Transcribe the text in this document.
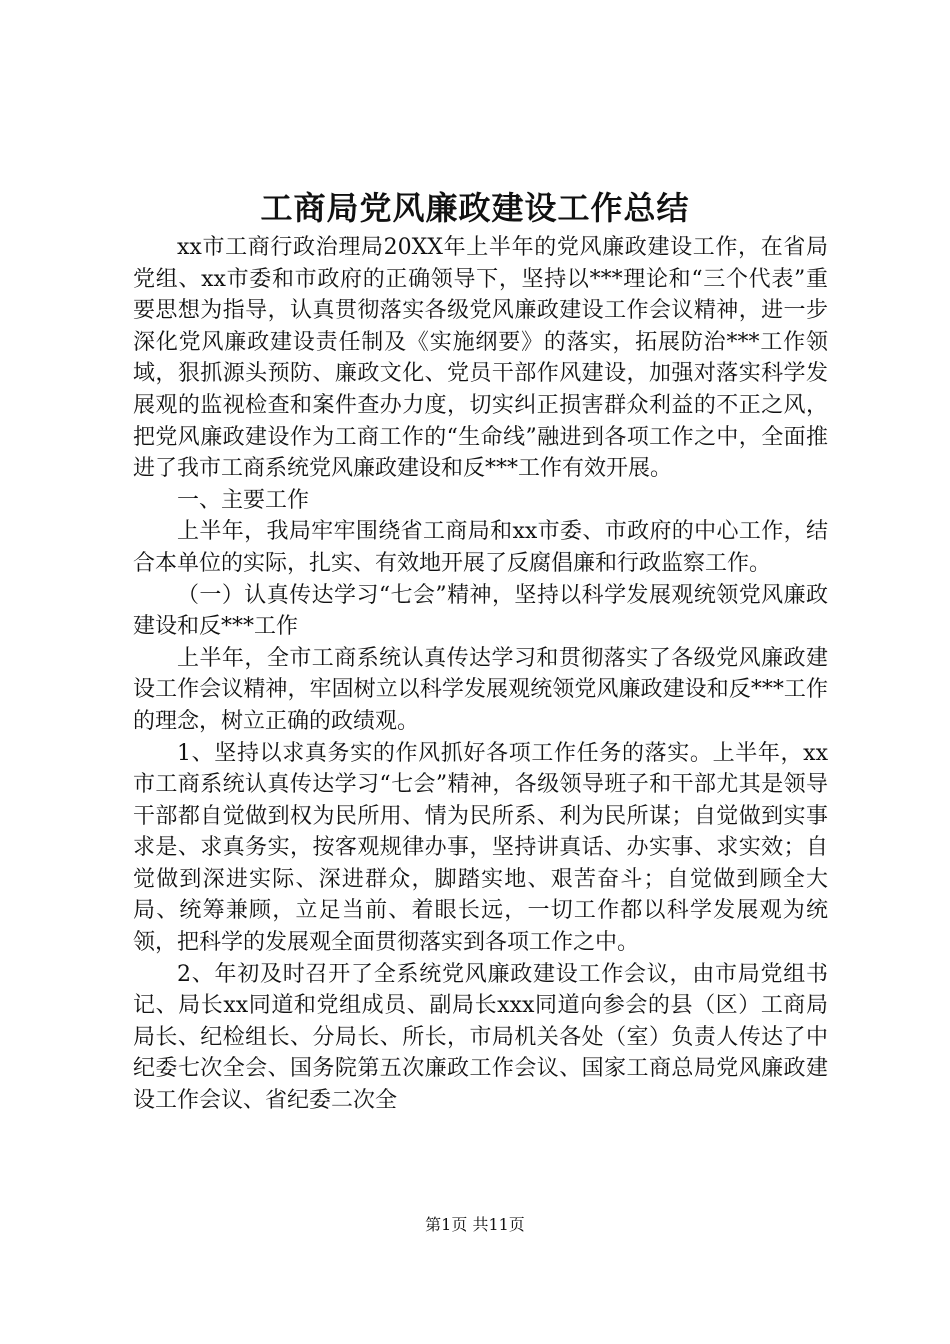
工商局党风廉政建设工作总结

xx市工商行政治理局20XX年上半年的党风廉政建设工作，在省局党组、xx市委和市政府的正确领导下，坚持以***理论和“三个代表”重要思想为指导，认真贯彻落实各级党风廉政建设工作会议精神，进一步深化党风廉政建设责任制及《实施纲要》的落实，拓展防治***工作领域，狠抓源头预防、廉政文化、党员干部作风建设，加强对落实科学发展观的监视检查和案件查办力度，切实纠正损害群众利益的不正之风，把党风廉政建设作为工商工作的“生命线”融进到各项工作之中，全面推进了我市工商系统党风廉政建设和反***工作有效开展。

一、主要工作

上半年，我局牢牢围绕省工商局和xx市委、市政府的中心工作，结合本单位的实际，扎实、有效地开展了反腐倡廉和行政监察工作。

（一）认真传达学习“七会”精神，坚持以科学发展观统领党风廉政建设和反***工作

上半年，全市工商系统认真传达学习和贯彻落实了各级党风廉政建设工作会议精神，牢固树立以科学发展观统领党风廉政建设和反***工作的理念，树立正确的政绩观。

1、坚持以求真务实的作风抓好各项工作任务的落实。上半年，xx市工商系统认真传达学习“七会”精神，各级领导班子和干部尤其是领导干部都自觉做到权为民所用、情为民所系、利为民所谋；自觉做到实事求是、求真务实，按客观规律办事，坚持讲真话、办实事、求实效；自觉做到深进实际、深进群众，脚踏实地、艰苦奋斗；自觉做到顾全大局、统筹兼顾，立足当前、着眼长远，一切工作都以科学发展观为统领，把科学的发展观全面贯彻落实到各项工作之中。

2、年初及时召开了全系统党风廉政建设工作会议，由市局党组书记、局长xx同道和党组成员、副局长xxx同道向参会的县（区）工商局局长、纪检组长、分局长、所长，市局机关各处（室）负责人传达了中纪委七次全会、国务院第五次廉政工作会议、国家工商总局党风廉政建设工作会议、省纪委二次全

第1页 共11页
